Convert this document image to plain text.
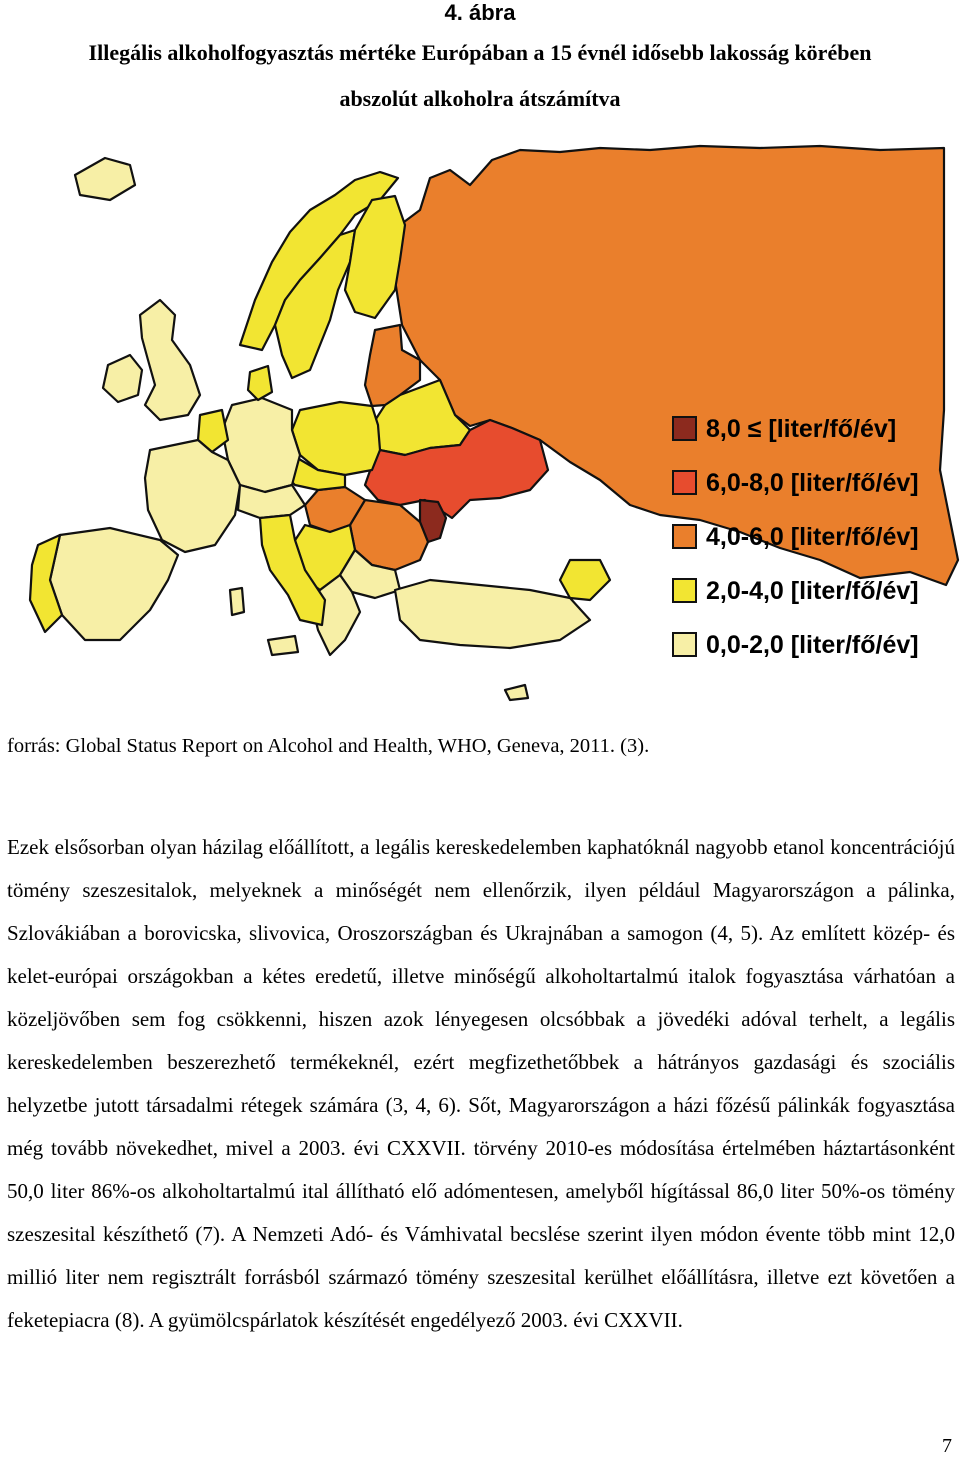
4. ábra
Illegális alkoholfogyasztás mértéke Európában a 15 évnél idősebb lakosság körében
abszolút alkoholra átszámítva
8,0 ≤ [liter/fő/év]
6,0-8,0 [liter/fő/év]
4,0-6,0 [liter/fő/év]
2,0-4,0 [liter/fő/év]
0,0-2,0 [liter/fő/év]
forrás: Global Status Report on Alcohol and Health, WHO, Geneva, 2011. (3).
Ezek elsősorban olyan házilag előállított, a legális kereskedelemben kaphatóknál nagyobb etanol koncentrációjú tömény szeszesitalok, melyeknek a minőségét nem ellenőrzik, ilyen például Magyarországon a pálinka, Szlovákiában a borovicska, slivovica, Oroszországban és Ukrajnában a samogon (4, 5). Az említett közép- és kelet-európai országokban a kétes eredetű, illetve minőségű alkoholtartalmú italok fogyasztása várhatóan a közeljövőben sem fog csökkenni, hiszen azok lényegesen olcsóbbak a jövedéki adóval terhelt, a legális kereskedelemben beszerezhető termékeknél, ezért megfizethetőbbek a hátrányos gazdasági és szociális helyzetbe jutott társadalmi rétegek számára (3, 4, 6). Sőt, Magyarországon a házi főzésű pálinkák fogyasztása még tovább növekedhet, mivel a 2003. évi CXXVII. törvény 2010-es módosítása értelmében háztartásonként 50,0 liter 86%-os alkoholtartalmú ital állítható elő adómentesen, amelyből hígítással 86,0 liter 50%-os tömény szeszesital készíthető (7). A Nemzeti Adó- és Vámhivatal becslése szerint ilyen módon évente több mint 12,0 millió liter nem regisztrált forrásból származó tömény szeszesital kerülhet előállításra, illetve ezt követően a feketepiacra (8). A gyümölcspárlatok készítését engedélyező 2003. évi CXXVII.
7
